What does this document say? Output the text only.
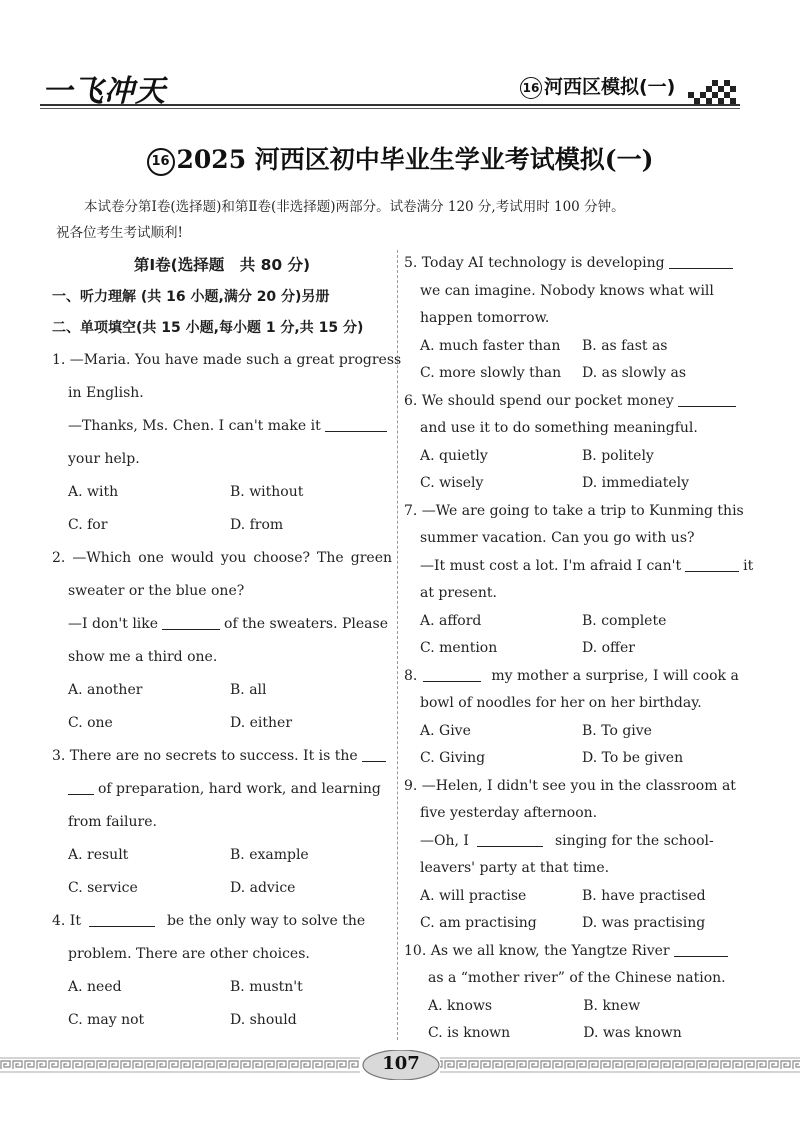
一飞冲天	16 河西区模拟(一)
16 2025 河西区初中毕业生学业考试模拟(一)
本试卷分第Ⅰ卷(选择题)和第Ⅱ卷(非选择题)两部分。试卷满分 120 分,考试用时 100 分钟。
祝各位考生考试顺利!
第Ⅰ卷(选择题　共 80 分)
一、听力理解 (共 16 小题,满分 20 分)另册
二、单项填空(共 15 小题,每小题 1 分,共 15 分)
1. —Maria. You have made such a great progress
in English.
—Thanks, Ms. Chen. I can't make it
your help.
A. with	B. without
C. for	D. from
2. —Which one would you choose? The green
sweater or the blue one?
—I don't like	of the sweaters. Please
show me a third one.
A. another	B. all
C. one	D. either
3. There are no secrets to success. It is the
of preparation, hard work, and learning
from failure.
A. result	B. example
C. service	D. advice
4. It	be the only way to solve the
problem. There are other choices.
A. need	B. mustn't
C. may not	D. should
5. Today AI technology is developing
we can imagine. Nobody knows what will
happen tomorrow.
A. much faster than	B. as fast as
C. more slowly than	D. as slowly as
6. We should spend our pocket money
and use it to do something meaningful.
A. quietly	B. politely
C. wisely	D. immediately
7. —We are going to take a trip to Kunming this
summer vacation. Can you go with us?
—It must cost a lot. I'm afraid I can't	it
at present.
A. afford	B. complete
C. mention	D. offer
8.	my mother a surprise, I will cook a
bowl of noodles for her on her birthday.
A. Give	B. To give
C. Giving	D. To be given
9. —Helen, I didn't see you in the classroom at
five yesterday afternoon.
—Oh, I	singing for the school-
leavers' party at that time.
A. will practise	B. have practised
C. am practising	D. was practising
10. As we all know, the Yangtze River
as a “mother river” of the Chinese nation.
A. knows	B. knew
C. is known	D. was known
107
